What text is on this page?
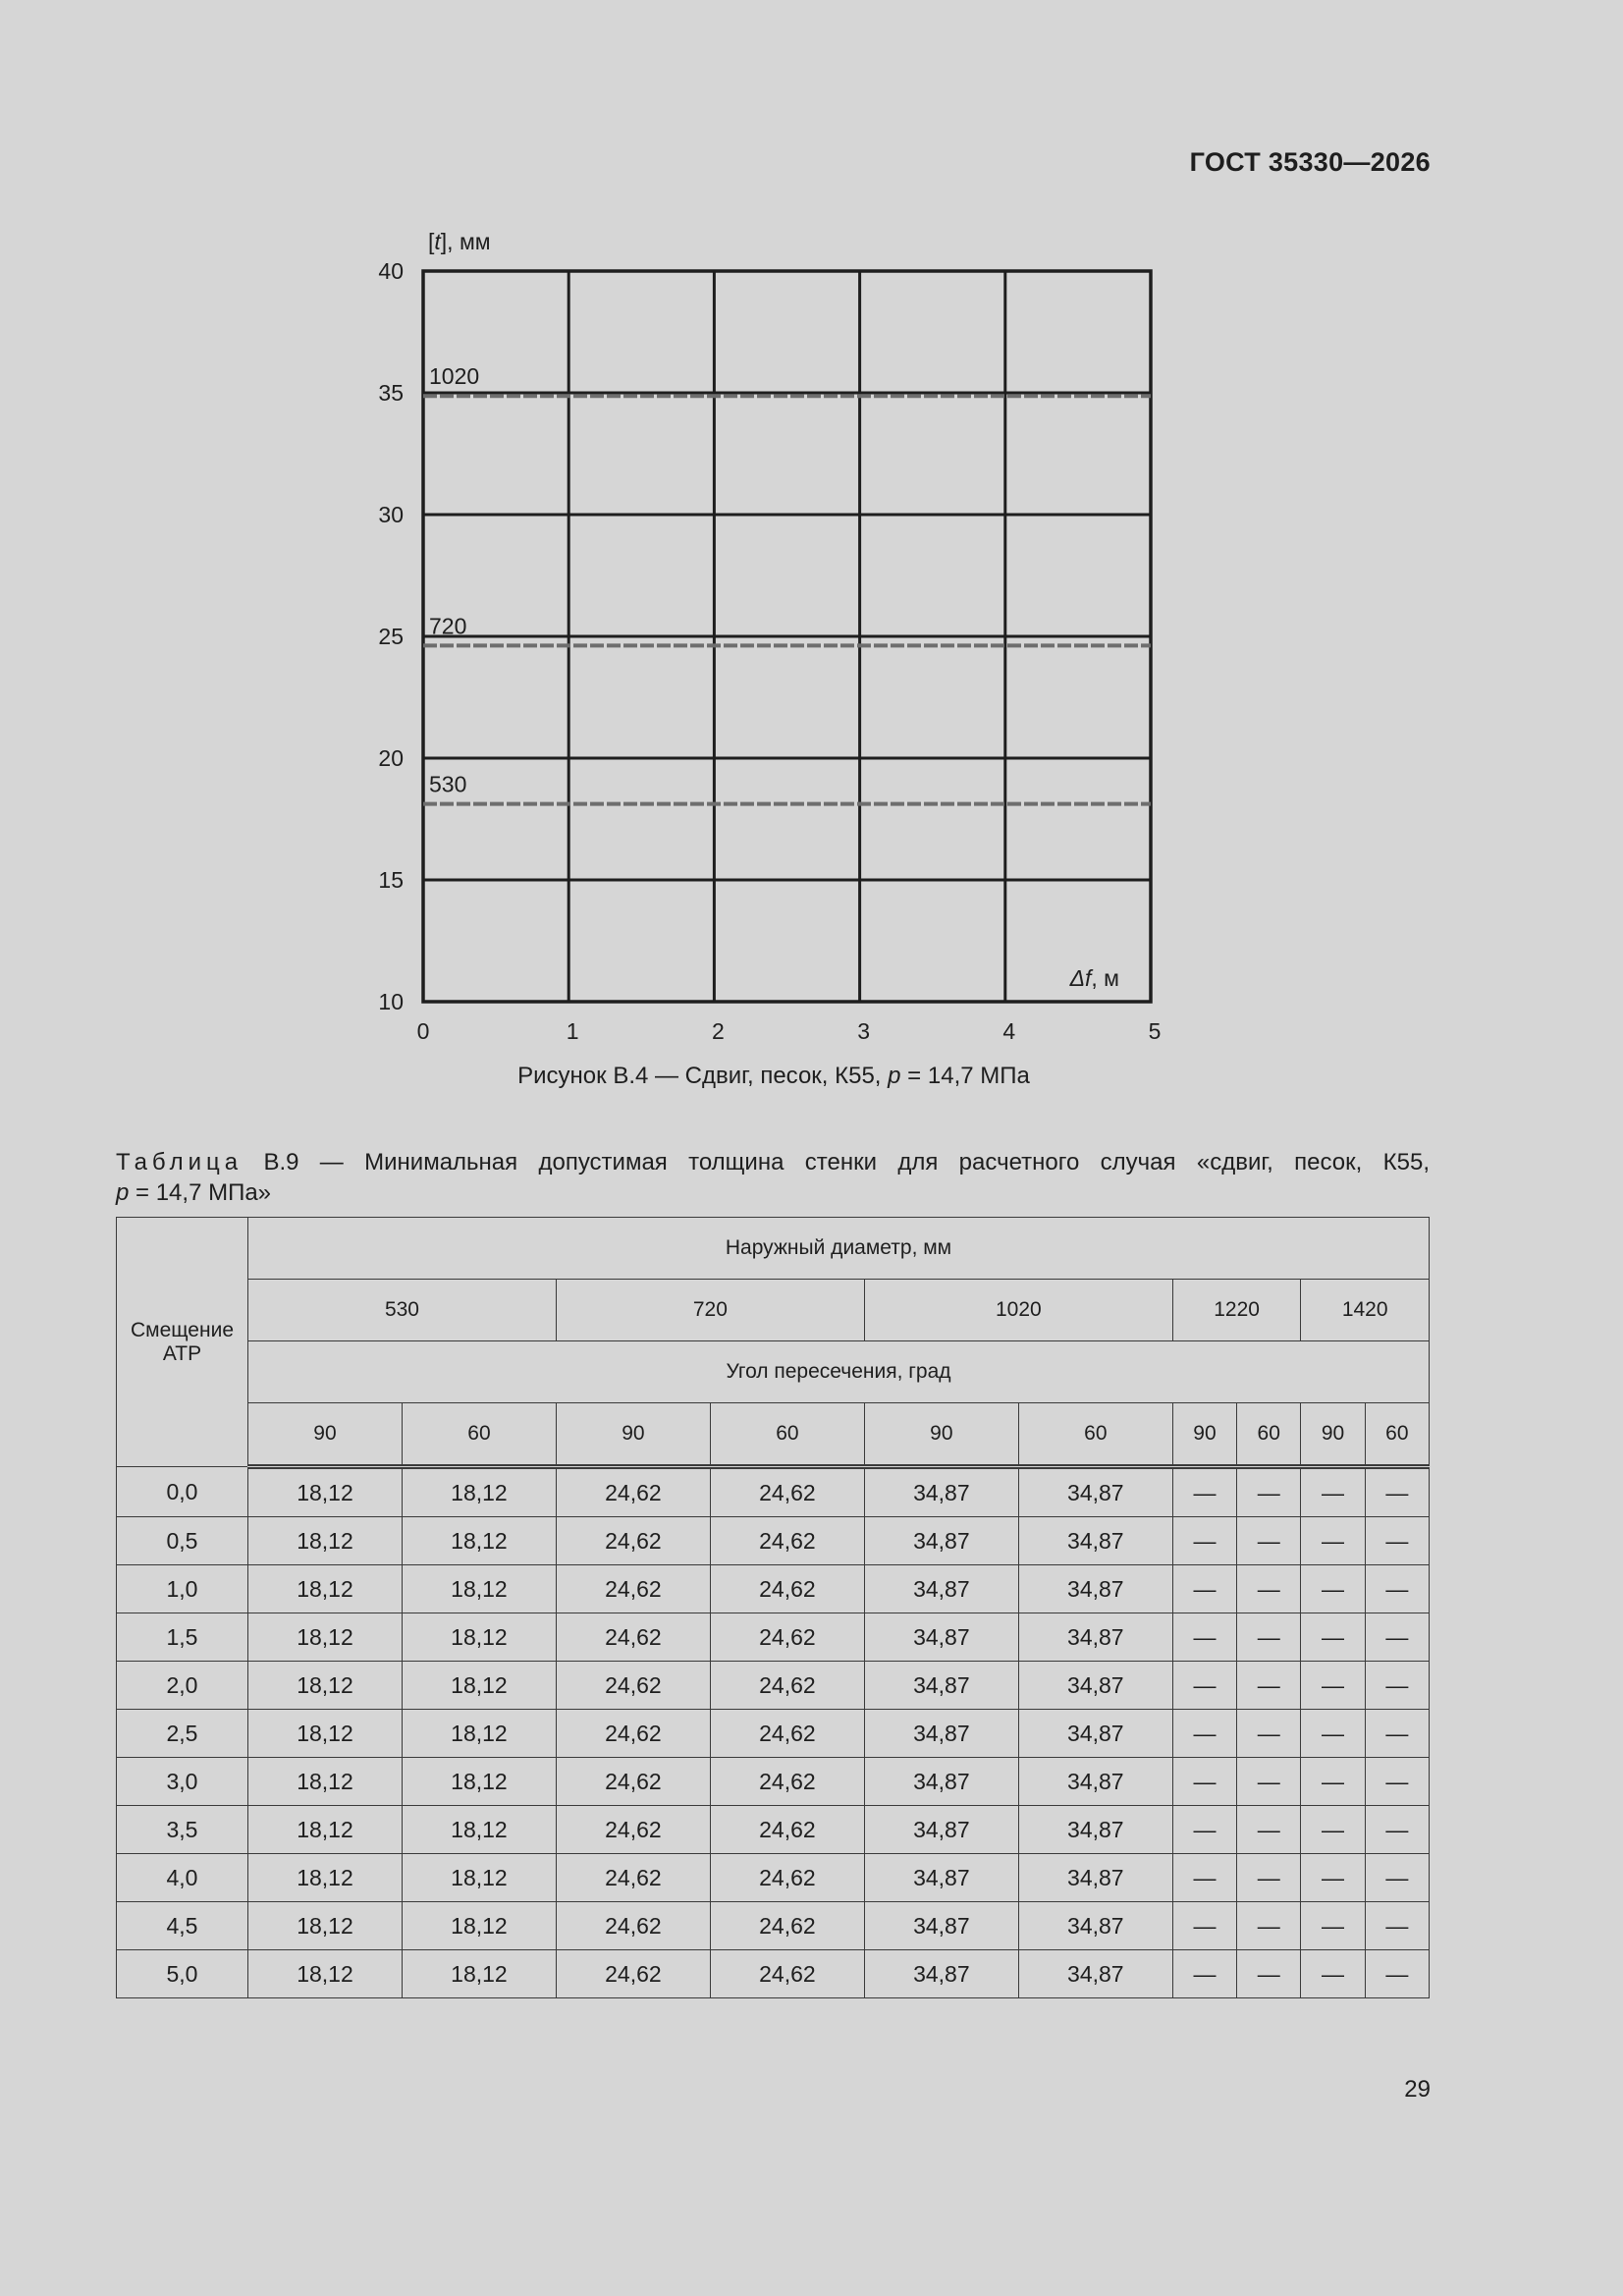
ГОСТ 35330—2026
0	1	2	3	4	5
10
15
20
25
30
35
40
1020
720
530
[t], мм
Δf, м
Рисунок В.4 — Сдвиг, песок, К55, p = 14,7 МПа
Таблица В.9 — Минимальная допустимая толщина стенки для расчетного случая «сдвиг, песок, К55,
p = 14,7 МПа»
Смещение АТР	Наружный диаметр, мм									
	530		720		1020		1220		1420	
	Угол пересечения, град									
	90	60	90	60	90	60	90	60	90	60
0,0	18,12	18,12	24,62	24,62	34,87	34,87	—	—	—	—
0,5	18,12	18,12	24,62	24,62	34,87	34,87	—	—	—	—
1,0	18,12	18,12	24,62	24,62	34,87	34,87	—	—	—	—
1,5	18,12	18,12	24,62	24,62	34,87	34,87	—	—	—	—
2,0	18,12	18,12	24,62	24,62	34,87	34,87	—	—	—	—
2,5	18,12	18,12	24,62	24,62	34,87	34,87	—	—	—	—
3,0	18,12	18,12	24,62	24,62	34,87	34,87	—	—	—	—
3,5	18,12	18,12	24,62	24,62	34,87	34,87	—	—	—	—
4,0	18,12	18,12	24,62	24,62	34,87	34,87	—	—	—	—
4,5	18,12	18,12	24,62	24,62	34,87	34,87	—	—	—	—
5,0	18,12	18,12	24,62	24,62	34,87	34,87	—	—	—	—
29
